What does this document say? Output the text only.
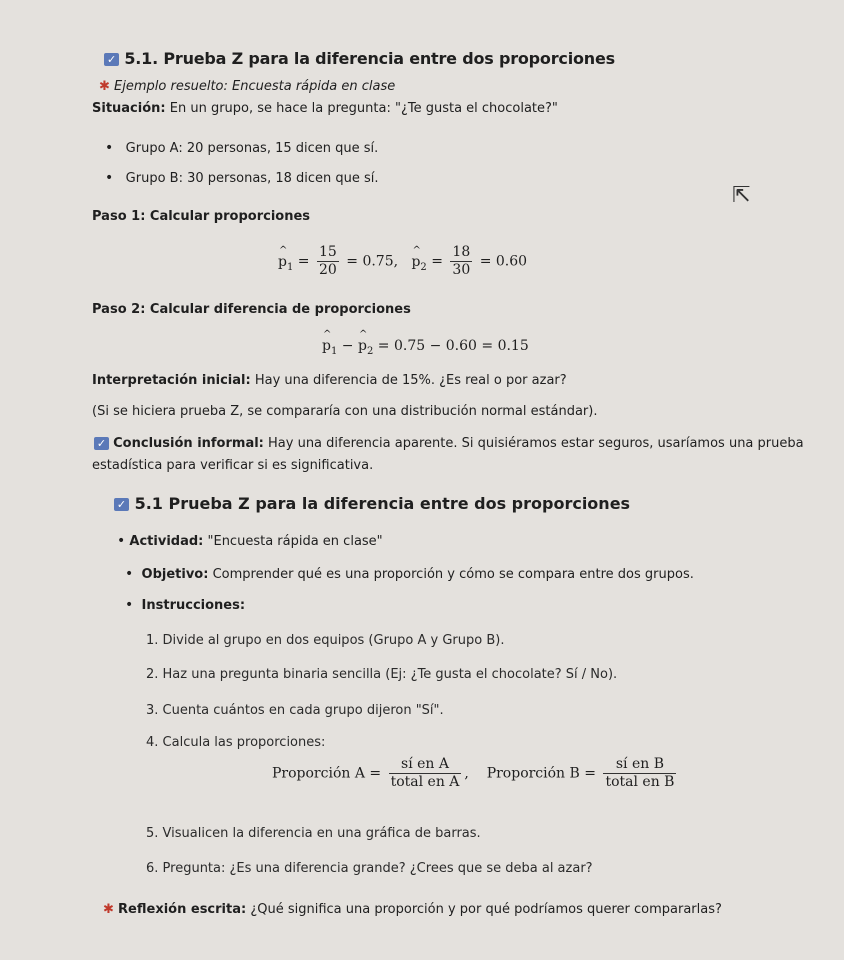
✓ 5.1. Prueba Z para la diferencia entre dos proporciones
✱ Ejemplo resuelto: Encuesta rápida en clase
Situación: En un grupo, se hace la pregunta: "¿Te gusta el chocolate?"
• Grupo A: 20 personas, 15 dicen que sí.
• Grupo B: 30 personas, 18 dicen que sí.
⇱
Paso 1: Calcular proporciones
^ $p_1 = \frac{15}{20} = 0.75$,   ^ $p_2 = \frac{18}{30} = 0.60$
Paso 2: Calcular diferencia de proporciones
^ $p_1$ − ^ $p_2 = 0.75 - 0.60 = 0.15$
Interpretación inicial: Hay una diferencia de 15%. ¿Es real o por azar?
(Si se hiciera prueba Z, se compararía con una distribución normal estándar).
✓ Conclusión informal: Hay una diferencia aparente. Si quisiéramos estar seguros, usaríamos una prueba
estadística para verificar si es significativa.
✓ 5.1 Prueba Z para la diferencia entre dos proporciones
• Actividad: "Encuesta rápida en clase"
• Objetivo: Comprender qué es una proporción y cómo se compara entre dos grupos.
• Instrucciones:
1. Divide al grupo en dos equipos (Grupo A y Grupo B).
2. Haz una pregunta binaria sencilla (Ej: ¿Te gusta el chocolate? Sí / No).
3. Cuenta cuántos en cada grupo dijeron "Sí".
4. Calcula las proporciones:
Proporción $A = \frac{\text{sí en A}}{\text{total en A}}$ ,    Proporción $B = \frac{\text{sí en B}}{\text{total en B}}$
5. Visualicen la diferencia en una gráfica de barras.
6. Pregunta: ¿Es una diferencia grande? ¿Crees que se deba al azar?
✱ Reflexión escrita: ¿Qué significa una proporción y por qué podríamos querer compararlas?
